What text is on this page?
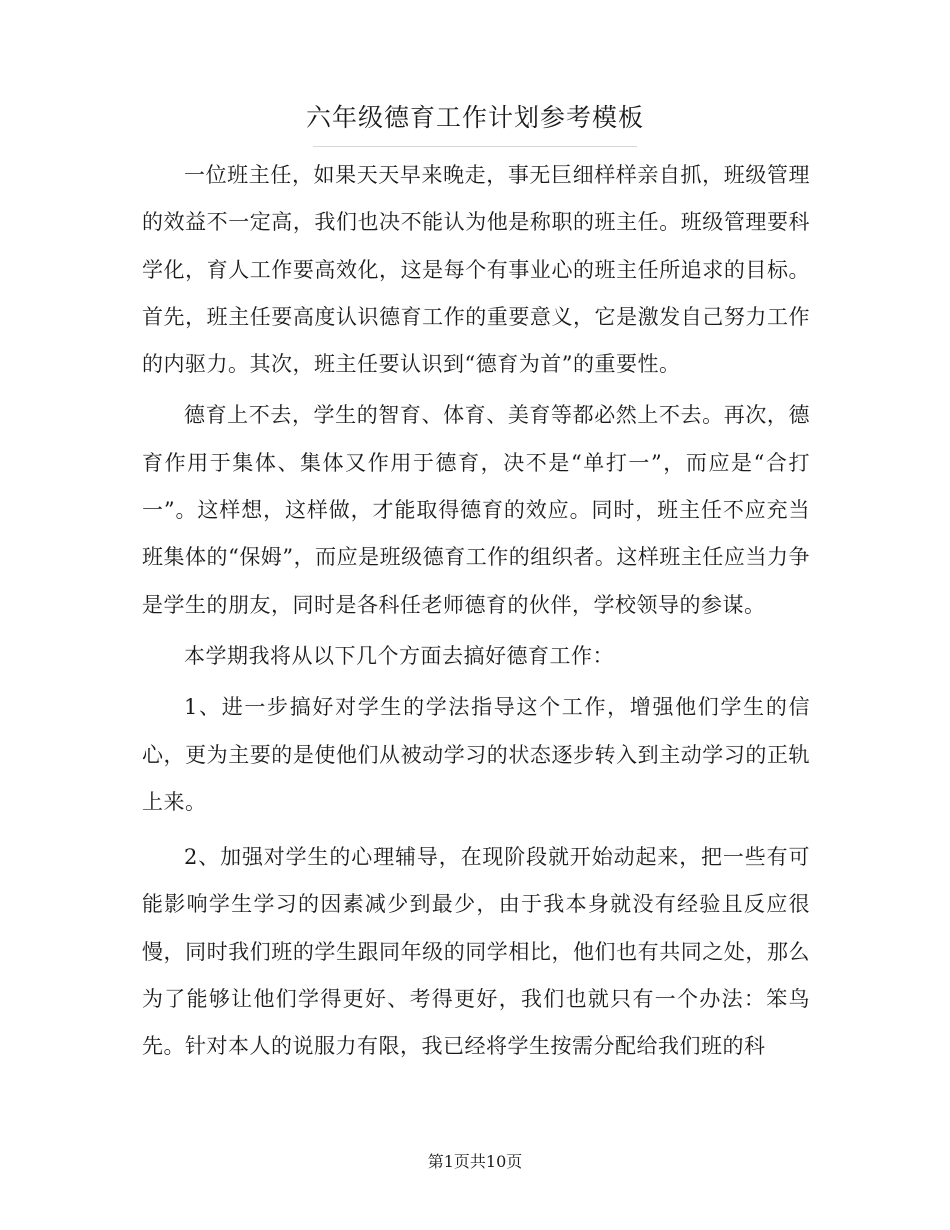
六年级德育工作计划参考模板

一位班主任，如果天天早来晚走，事无巨细样样亲自抓，班级管理的效益不一定高，我们也决不能认为他是称职的班主任。班级管理要科学化，育人工作要高效化，这是每个有事业心的班主任所追求的目标。首先，班主任要高度认识德育工作的重要意义，它是激发自己努力工作的内驱力。其次，班主任要认识到“德育为首”的重要性。

德育上不去，学生的智育、体育、美育等都必然上不去。再次，德育作用于集体、集体又作用于德育，决不是“单打一”，而应是“合打一”。这样想，这样做，才能取得德育的效应。同时，班主任不应充当班集体的“保姆”，而应是班级德育工作的组织者。这样班主任应当力争是学生的朋友，同时是各科任老师德育的伙伴，学校领导的参谋。

本学期我将从以下几个方面去搞好德育工作：

1、进一步搞好对学生的学法指导这个工作，增强他们学生的信心，更为主要的是使他们从被动学习的状态逐步转入到主动学习的正轨上来。

2、加强对学生的心理辅导，在现阶段就开始动起来，把一些有可能影响学生学习的因素减少到最少，由于我本身就没有经验且反应很慢，同时我们班的学生跟同年级的同学相比，他们也有共同之处，那么为了能够让他们学得更好、考得更好，我们也就只有一个办法：笨鸟先。针对本人的说服力有限，我已经将学生按需分配给我们班的科

第1页共10页
